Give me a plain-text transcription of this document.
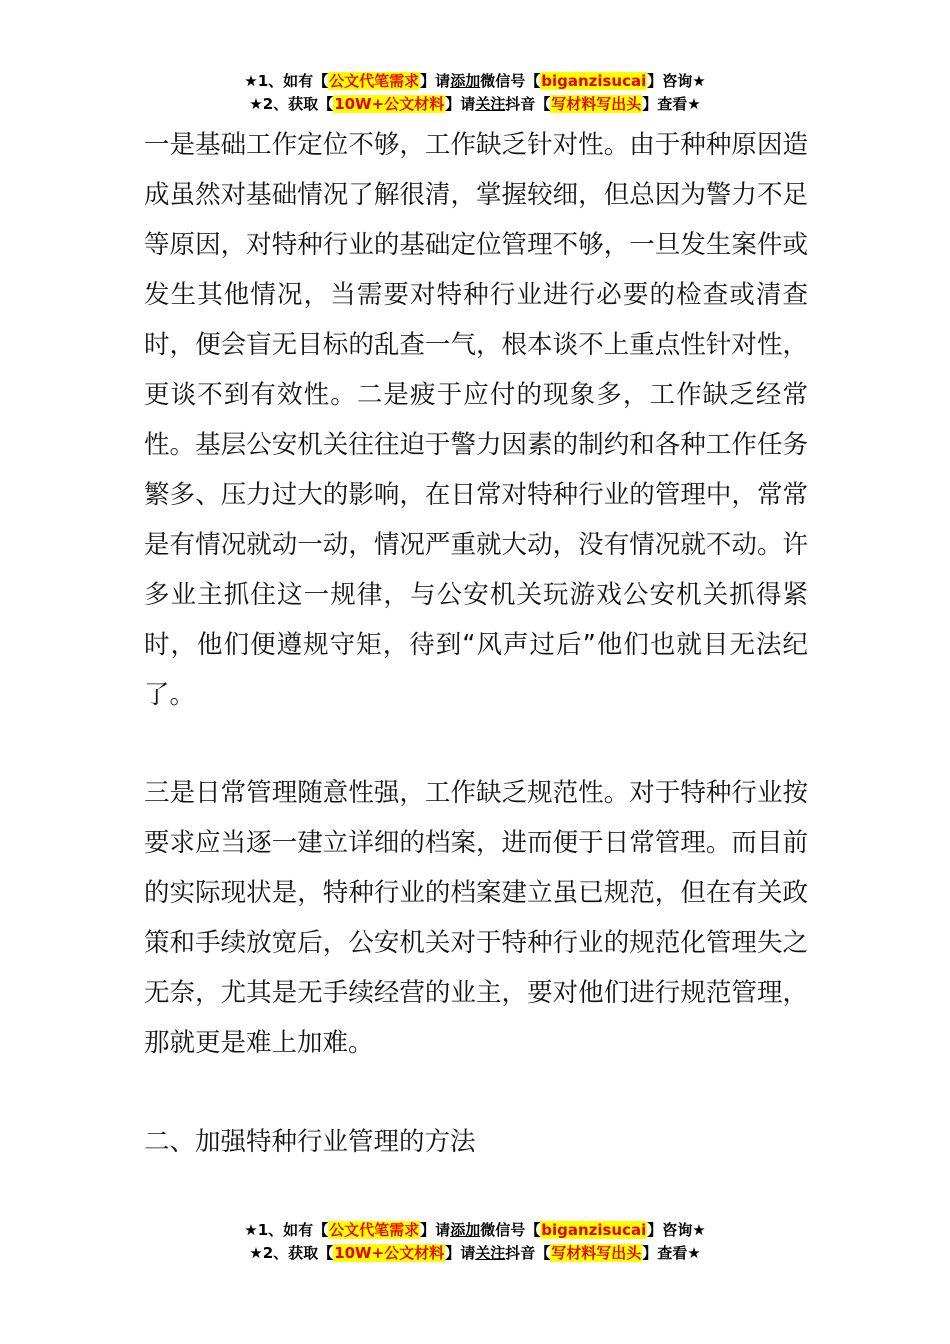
★1、如有【公文代笔需求】请添加微信号【biganzisucai】咨询★
★2、获取【10W+公文材料】请关注抖音【写材料写出头】查看★

一是基础工作定位不够，工作缺乏针对性。由于种种原因造成虽然对基础情况了解很清，掌握较细，但总因为警力不足等原因，对特种行业的基础定位管理不够，一旦发生案件或发生其他情况，当需要对特种行业进行必要的检查或清查时，便会盲无目标的乱查一气，根本谈不上重点性针对性，更谈不到有效性。二是疲于应付的现象多，工作缺乏经常性。基层公安机关往往迫于警力因素的制约和各种工作任务繁多、压力过大的影响，在日常对特种行业的管理中，常常是有情况就动一动，情况严重就大动，没有情况就不动。许多业主抓住这一规律，与公安机关玩游戏公安机关抓得紧时，他们便遵规守矩，待到“风声过后”他们也就目无法纪了。

三是日常管理随意性强，工作缺乏规范性。对于特种行业按要求应当逐一建立详细的档案，进而便于日常管理。而目前的实际现状是，特种行业的档案建立虽已规范，但在有关政策和手续放宽后，公安机关对于特种行业的规范化管理失之无奈，尤其是无手续经营的业主，要对他们进行规范管理，那就更是难上加难。

二、加强特种行业管理的方法

★1、如有【公文代笔需求】请添加微信号【biganzisucai】咨询★
★2、获取【10W+公文材料】请关注抖音【写材料写出头】查看★
